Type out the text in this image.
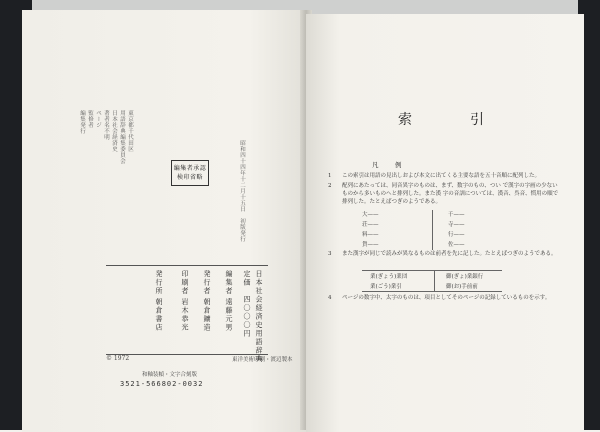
編集発行 監修者 ページ 著者名不明 日本社会経済史 用語辞典編集委員会 東京都千代田区
編集者承認
検印省略	昭和四十四年十二月十五日　初版発行
日本社会経済史用語辞典
定価　四〇〇〇円
編集者
遠藤元男
発行者
朝倉鑛造
印刷者
岩木恭光
発行所
朝倉書店
© 1972	東洋美術印刷・渡辺製本
和軸装幀・文字合刻版
3521-566802-0032
索　引
凡　例
1 この索引は用語の見出しおよび本文に出てくる主要な語を五十音順に配列した。
2 配列にあたっては、同音異字のものは、まず、数字のもの、つい で漢字の字画の少ないものから多いものへと排列した。また漢 字の音訓については、漢音、呉音、慣用の順で排列した。たとえばつぎのようである。
大——	千——
荘——	寺——
料——	行——
貨——	佐——
3 また漢字が同じで読みが異なるものは前者を先に記した。たとえばつぎのようである。
業(ぎょう)業団	御(ぎょ)業銀行
業(ごう)業引	御(お)手前前
4 ページの数字中、太字のものは、項目としてそのページの記録しているものを示す。
